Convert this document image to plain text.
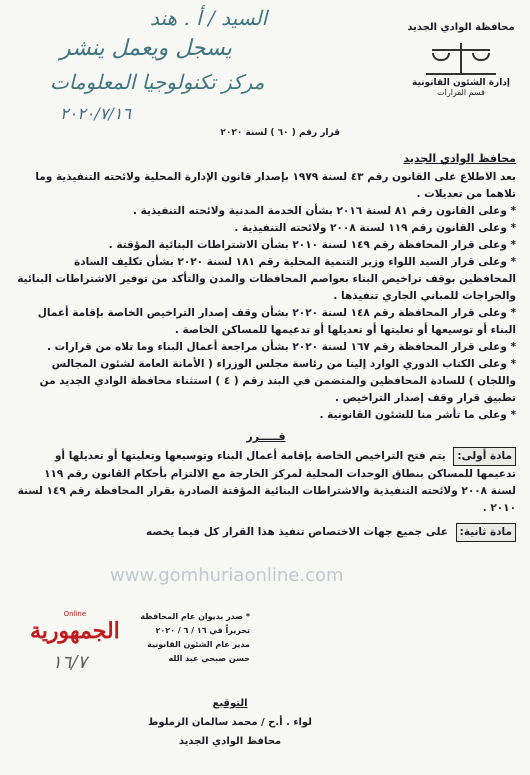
محافظة الوادي الجديد
إدارة الشئون القانونية
قسم القرارات
السيد / أ . هند
يسجل ويعمل ينشر
مركز تكنولوجيا المعلومات
٢٠٢٠/٧/١٦
قرار رقم ( ٦٠ ) لسنة ٢٠٢٠
محافظ الوادي الجديد

بعد الاطلاع على القانون رقم ٤٣ لسنة ١٩٧٩ بإصدار قانون الإدارة المحلية ولائحته التنفيذية وما تلاهما من تعديلات .

* وعلى القانون رقم ٨١ لسنة ٢٠١٦ بشأن الخدمة المدنية ولائحته التنفيذية .

* وعلى القانون رقم ١١٩ لسنة ٢٠٠٨ ولائحته التنفيذية .

* وعلى قرار المحافظة رقم ١٤٩ لسنة ٢٠١٠ بشأن الاشتراطات البنائية المؤقتة .

* وعلى قرار السيد اللواء وزير التنمية المحلية رقم ١٨١ لسنة ٢٠٢٠ بشأن تكليف السادة المحافظين بوقف تراخيص البناء بعواصم المحافظات والمدن والتأكد من توفير الاشتراطات البنائية والجراجات للمباني الجاري تنفيذها .

* وعلى قرار المحافظة رقم ١٤٨ لسنة ٢٠٢٠ بشأن وقف إصدار التراخيص الخاصة بإقامة أعمال البناء أو توسيعها أو تعليتها أو تعديلها أو تدعيمها للمساكن الخاصة .

* وعلى قرار المحافظة رقم ١٦٧ لسنة ٢٠٢٠ بشأن مراجعة أعمال البناء وما تلاه من قرارات .

* وعلى الكتاب الدوري الوارد إلينا من رئاسة مجلس الوزراء ( الأمانة العامة لشئون المجالس واللجان ) للسادة المحافظين والمتضمن في البند رقم ( ٤ ) استثناء محافظة الوادي الجديد من تطبيق قرار وقف إصدار التراخيص .

* وعلى ما تأشر منا للشئون القانونية .

قـــــرر

مادة أولى: يتم فتح التراخيص الخاصة بإقامة أعمال البناء وتوسيعها وتعليتها أو تعديلها أو تدعيمها للمساكن بنطاق الوحدات المحلية لمركز الخارجة مع الالتزام بأحكام القانون رقم ١١٩ لسنة ٢٠٠٨ ولائحته التنفيذية والاشتراطات البنائية المؤقتة الصادرة بقرار المحافظة رقم ١٤٩ لسنة ٢٠١٠ .

مادة ثانية: على جميع جهات الاختصاص تنفيذ هذا القرار كل فيما يخصه

www.gomhuriaonline.com
Online
الجمهورية
* صدر بديوان عام المحافظة
تحريراً في ١٦ / ٦ / ٢٠٢٠
مدير عام الشئون القانونية
حسن صبحي عبد الله
١٦/٧
التوقيع
لواء . أ.ح / محمد سالمان الزملوط
محافظ الوادي الجديد
